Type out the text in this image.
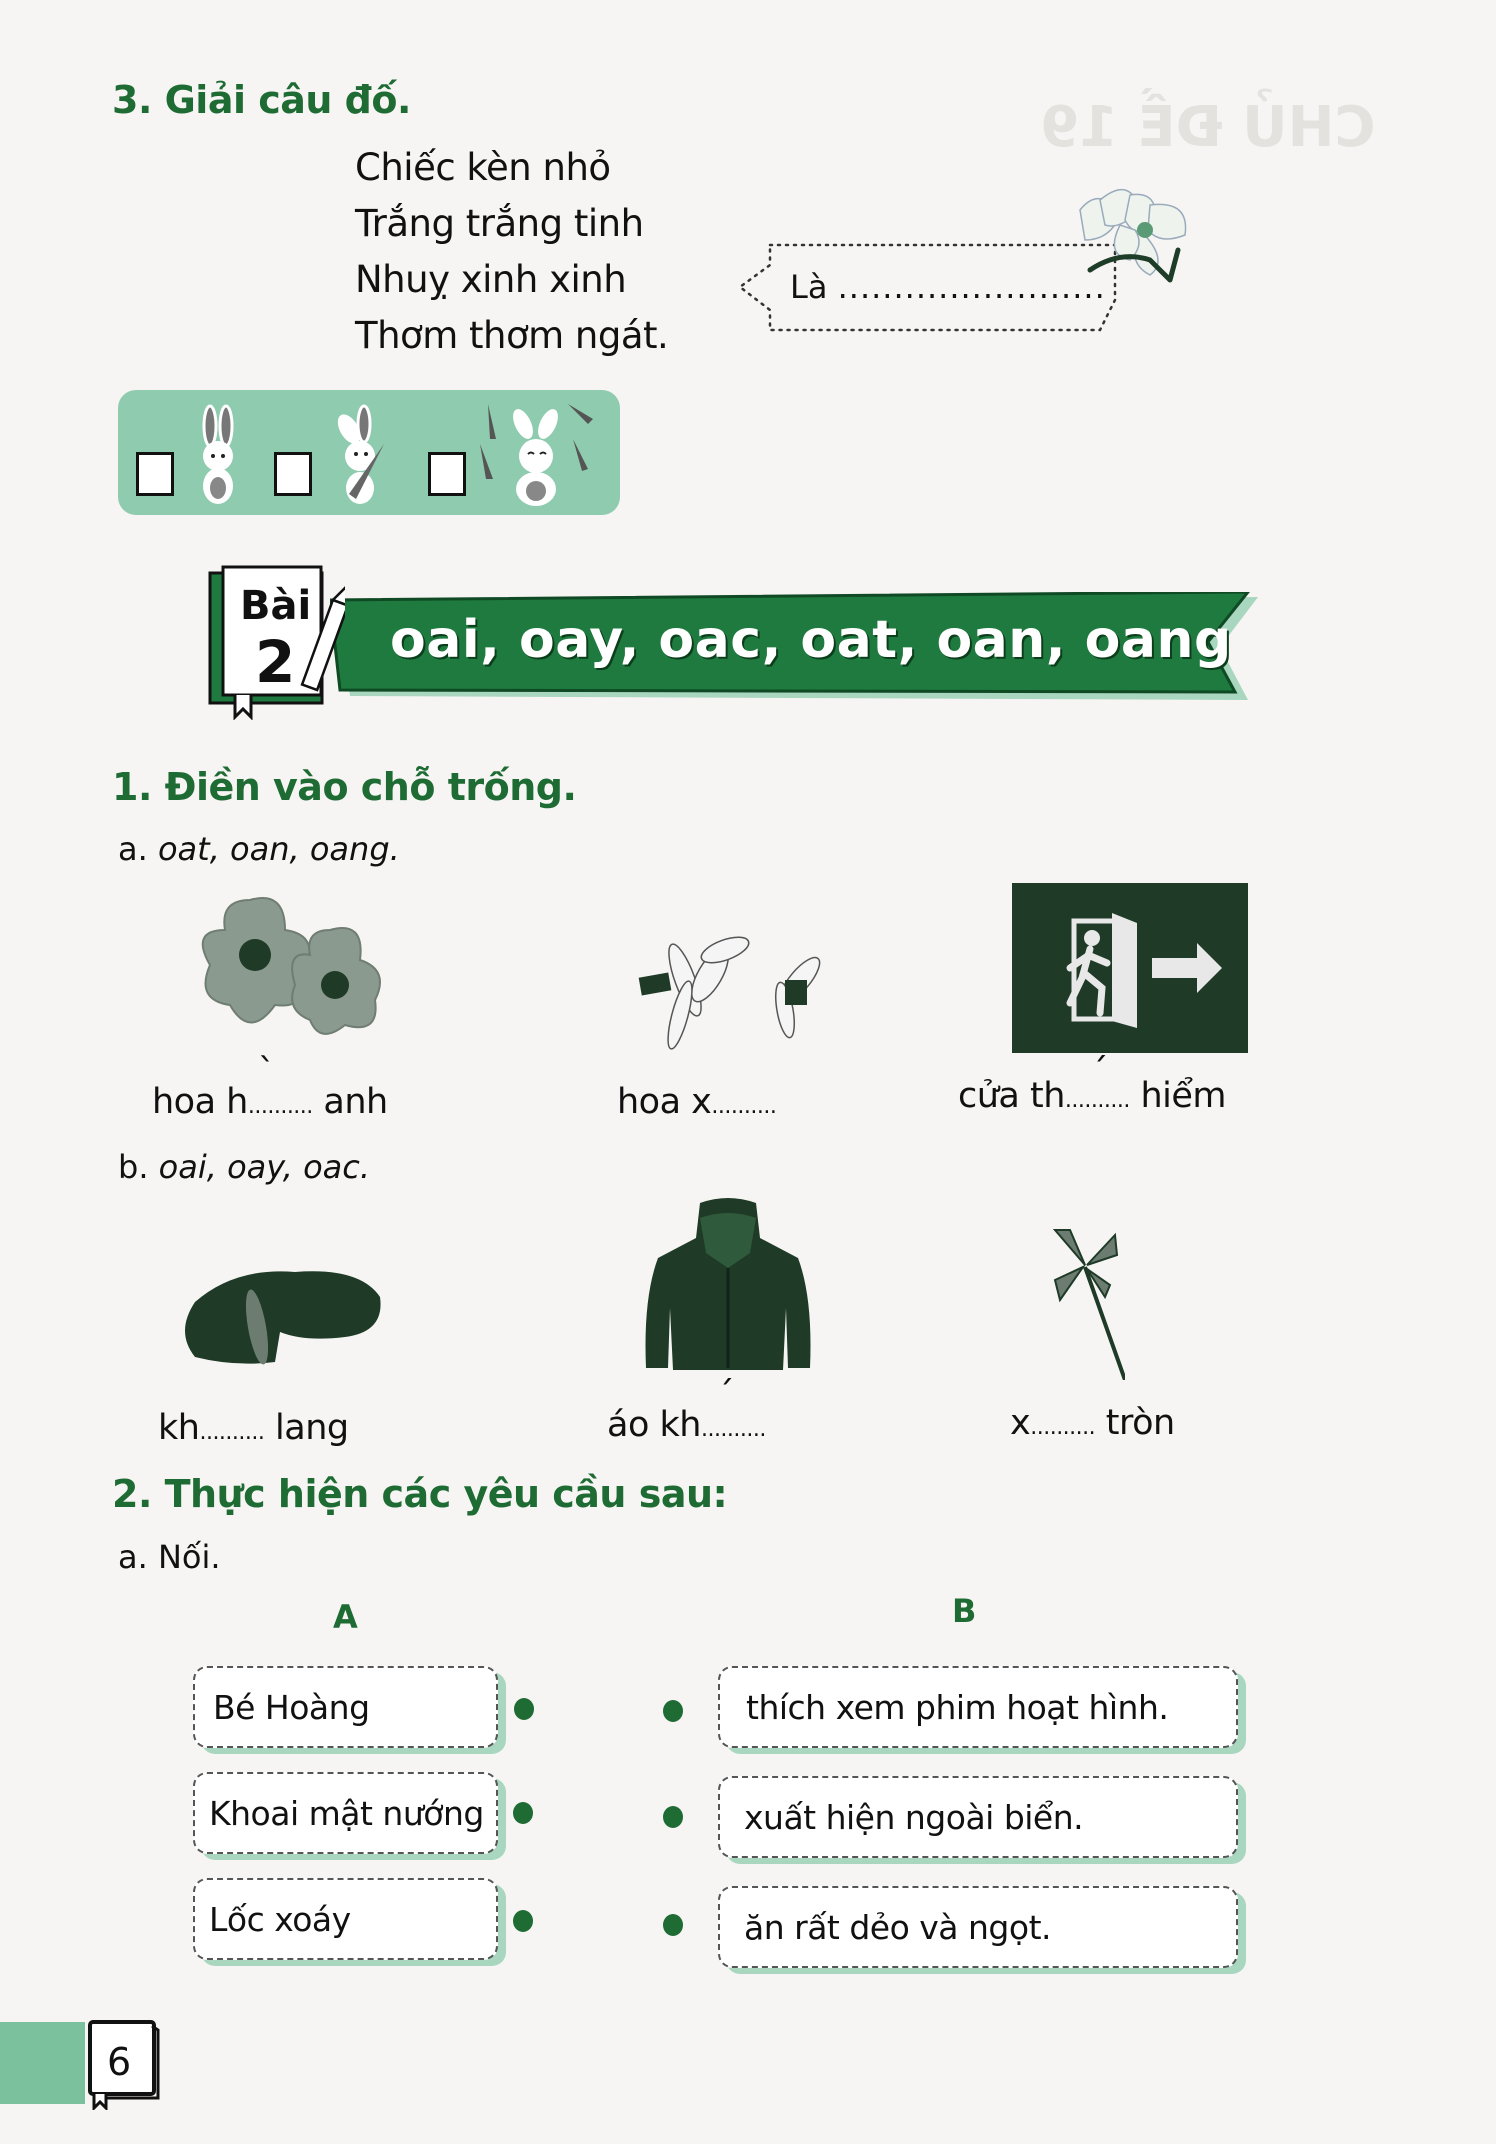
CHỦ ĐỀ 19
3. Giải câu đố.
Chiếc kèn nhỏ
Trắng trắng tinh
Nhuỵ xinh xinh
Thơm thơm ngát.
Là ........................
Bài
2 oai, oay, oac, oat, oan, oang
1. Điền vào chỗ trống.
a. oat, oan, oang.
hoa h
`
.......... anh	hoa x..........	cửa th
´
.......... hiểm
b. oai, oay, oac.
kh.......... lang	áo kh
´
..........	x.......... tròn
2. Thực hiện các yêu cầu sau:
a. Nối.
A	B
Bé Hoàng
Khoai mật nướng
Lốc xoáy
thích xem phim hoạt hình.
xuất hiện ngoài biển.
ăn rất dẻo và ngọt.
6
